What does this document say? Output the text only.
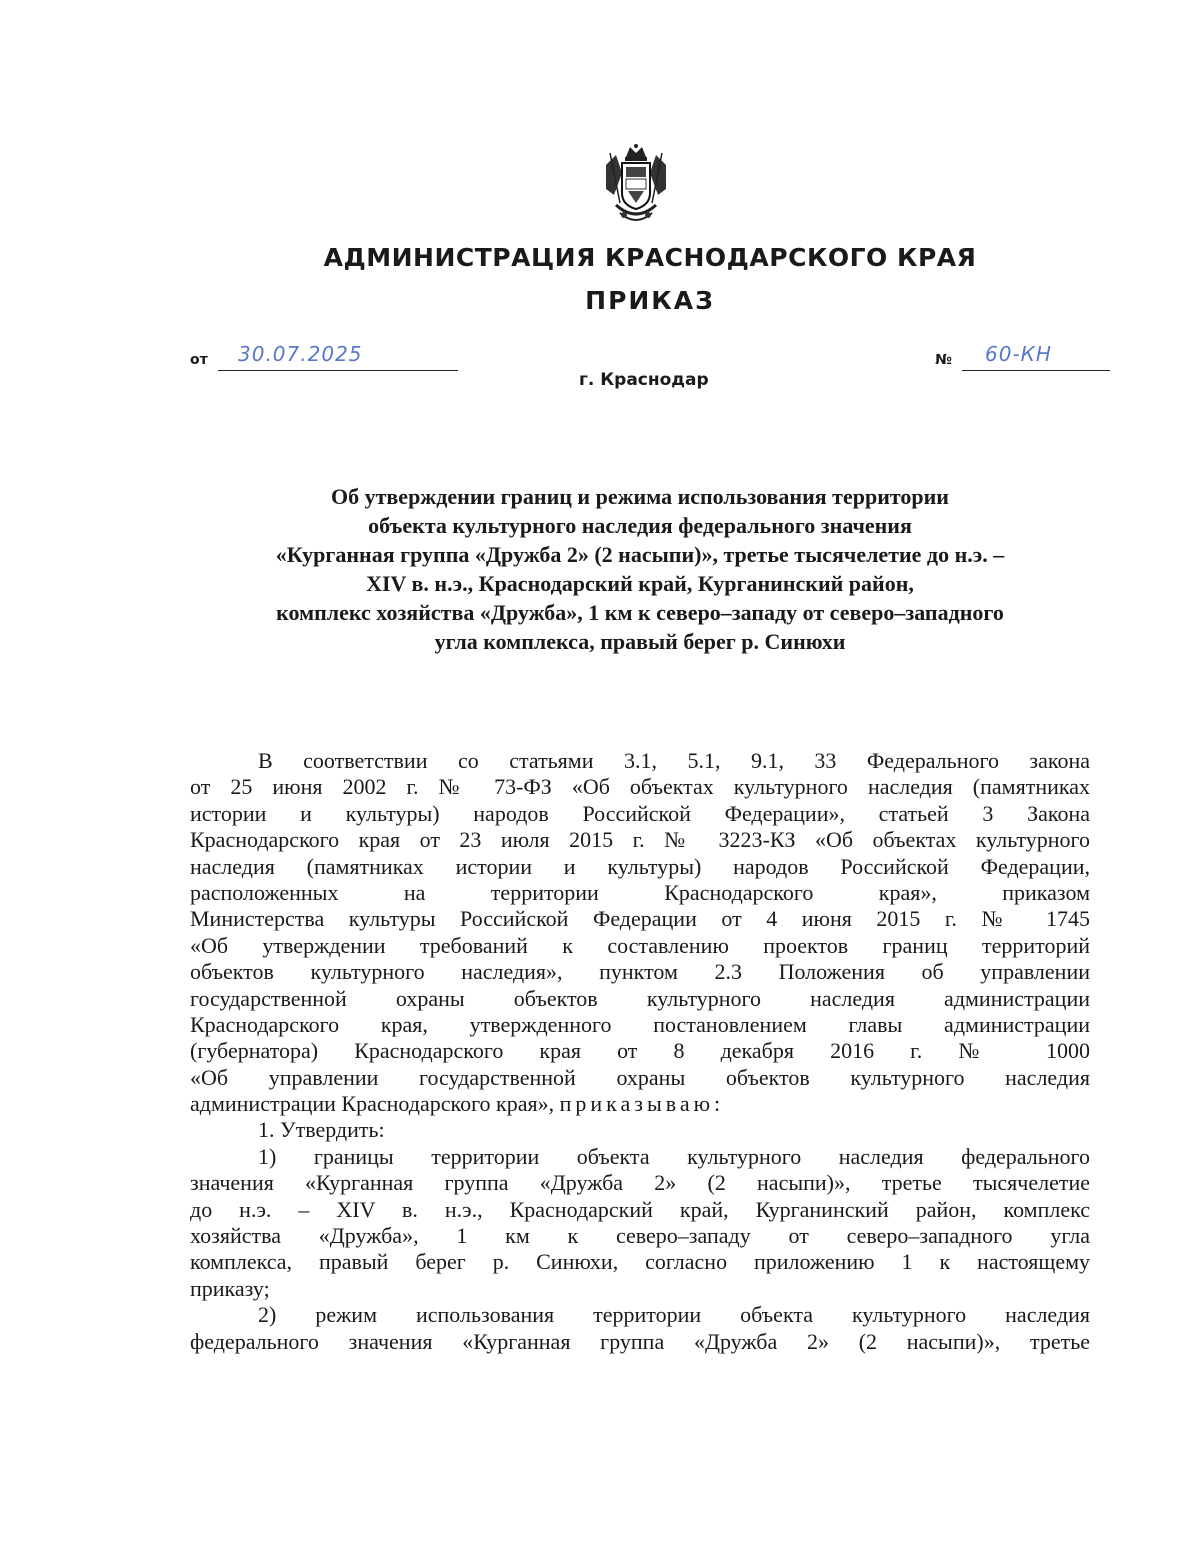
АДМИНИСТРАЦИЯ КРАСНОДАРСКОГО КРАЯ
ПРИКАЗ
от 30.07.2025	№ 60-КН
г. Краснодар
Об утверждении границ и режима использования территории
объекта культурного наследия федерального значения
«Курганная группа «Дружба 2» (2 насыпи)», третье тысячелетие до н.э. –
XIV в. н.э., Краснодарский край, Курганинский район,
комплекс хозяйства «Дружба», 1 км к северо–западу от северо–западного
угла комплекса, правый берег р. Синюхи
В соответствии со статьями 3.1, 5.1, 9.1, 33 Федерального закона
от 25 июня 2002 г. № 73-ФЗ «Об объектах культурного наследия (памятниках
истории и культуры) народов Российской Федерации», статьей 3 Закона
Краснодарского края от 23 июля 2015 г. № 3223-КЗ «Об объектах культурного
наследия (памятниках истории и культуры) народов Российской Федерации,
расположенных на территории Краснодарского края», приказом
Министерства культуры Российской Федерации от 4 июня 2015 г. № 1745
«Об утверждении требований к составлению проектов границ территорий
объектов культурного наследия», пунктом 2.3 Положения об управлении
государственной охраны объектов культурного наследия администрации
Краснодарского края, утвержденного постановлением главы администрации
(губернатора) Краснодарского края от 8 декабря 2016 г. № 1000
«Об управлении государственной охраны объектов культурного наследия
администрации Краснодарского края», приказываю:
1. Утвердить:
1) границы территории объекта культурного наследия федерального
значения «Курганная группа «Дружба 2» (2 насыпи)», третье тысячелетие
до н.э. – XIV в. н.э., Краснодарский край, Курганинский район, комплекс
хозяйства «Дружба», 1 км к северо–западу от северо–западного угла
комплекса, правый берег р. Синюхи, согласно приложению 1 к настоящему
приказу;
2) режим использования территории объекта культурного наследия
федерального значения «Курганная группа «Дружба 2» (2 насыпи)», третье
